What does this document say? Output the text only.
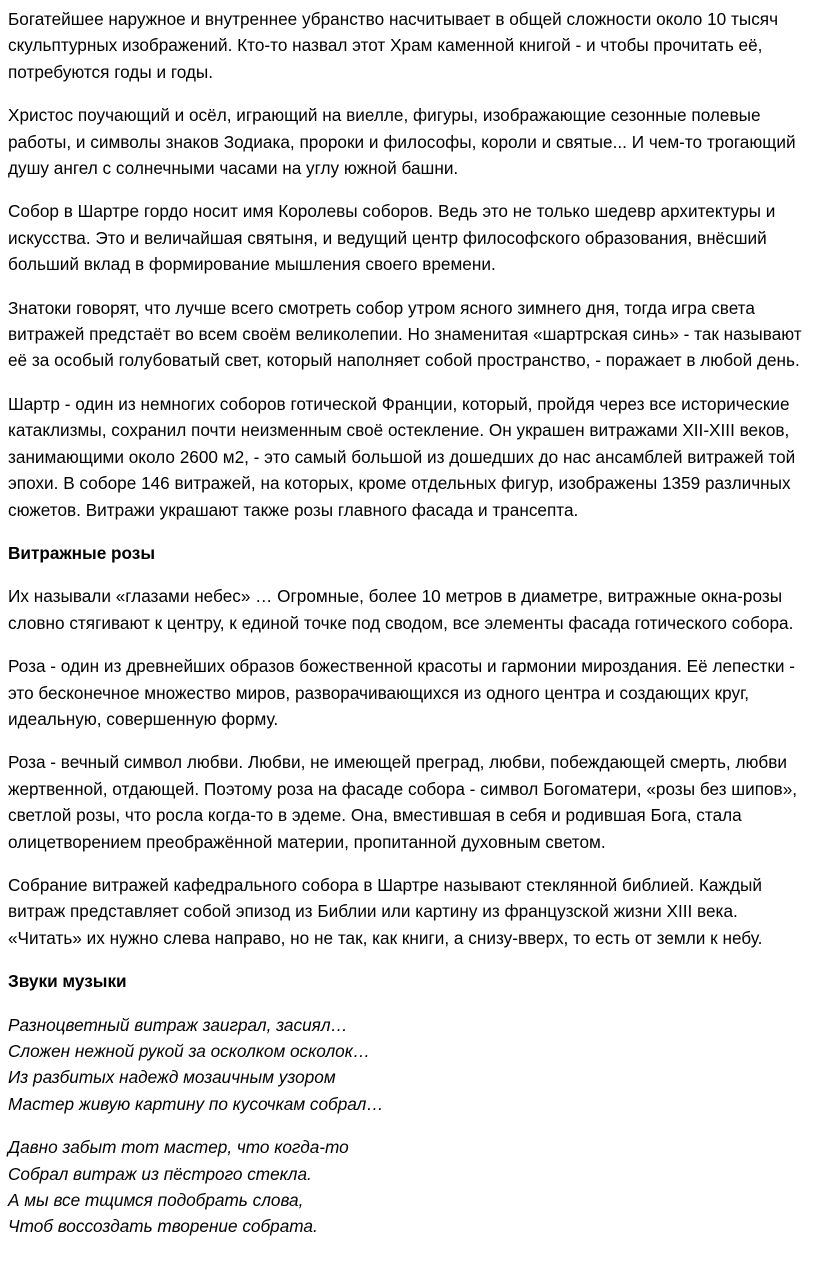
Богатейшее наружное и внутреннее убранство насчитывает в общей сложности около 10 тысяч скульптурных изображений. Кто-то назвал этот Храм каменной книгой - и чтобы прочитать её, потребуются годы и годы.

Христос поучающий и осёл, играющий на виелле, фигуры, изображающие сезонные полевые работы, и символы знаков Зодиака, пророки и философы, короли и святые... И чем-то трогающий душу ангел с солнечными часами на углу южной башни.

Собор в Шартре гордо носит имя Королевы соборов. Ведь это не только шедевр архитектуры и искусства. Это и величайшая святыня, и ведущий центр философского образования, внёсший больший вклад в формирование мышления своего времени.

Знатоки говорят, что лучше всего смотреть собор утром ясного зимнего дня, тогда игра света витражей предстаёт во всем своём великолепии. Но знаменитая «шартрская синь» - так называют её за особый голубоватый свет, который наполняет собой пространство, - поражает в любой день.

Шартр - один из немногих соборов готической Франции, который, пройдя через все исторические катаклизмы, сохранил почти неизменным своё остекление. Он украшен витражами XII-XIII веков, занимающими около 2600 м2, - это самый большой из дошедших до нас ансамблей витражей той эпохи. В соборе 146 витражей, на которых, кроме отдельных фигур, изображены 1359 различных сюжетов. Витражи украшают также розы главного фасада и трансепта.

Витражные розы

Их называли «глазами небес» … Огромные, более 10 метров в диаметре, витражные окна-розы словно стягивают к центру, к единой точке под сводом, все элементы фасада готического собора.

Роза - один из древнейших образов божественной красоты и гармонии мироздания. Её лепестки - это бесконечное множество миров, разворачивающихся из одного центра и создающих круг, идеальную, совершенную форму.

Роза - вечный символ любви. Любви, не имеющей преград, любви, побеждающей смерть, любви жертвенной, отдающей. Поэтому роза на фасаде собора - символ Богоматери, «розы без шипов», светлой розы, что росла когда-то в эдеме. Она, вместившая в себя и родившая Бога, стала олицетворением преображённой материи, пропитанной духовным светом.

Собрание витражей кафедрального собора в Шартре называют стеклянной библией. Каждый витраж представляет собой эпизод из Библии или картину из французской жизни XIII века. «Читать» их нужно слева направо, но не так, как книги, а снизу-вверх, то есть от земли к небу.

Звуки музыки

Разноцветный витраж заиграл, засиял…
Сложен нежной рукой за осколком осколок…
Из разбитых надежд мозаичным узором
Мастер живую картину по кусочкам собрал…

Давно забыт тот мастер, что когда-то
Собрал витраж из пёстрого стекла.
А мы все тщимся подобрать слова,
Чтоб воссоздать творение собрата.
